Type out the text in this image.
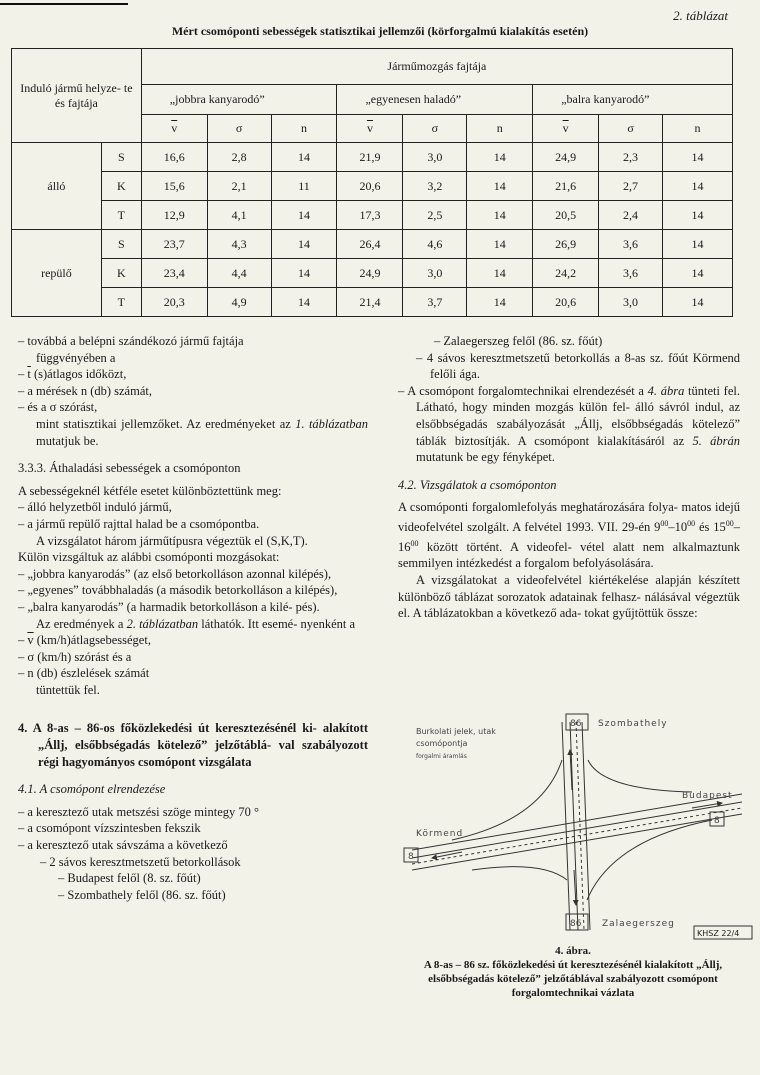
2. táblázat
Mért csomóponti sebességek statisztikai jellemzői (körforgalmú kialakítás esetén)
Induló jármű helyze- te és fajtája		Járműmozgás fajtája								
		„jobbra kanyarodó”			„egyenesen haladó”			„balra kanyarodó”		
		$\overline{v}$	σ	n	$\overline{v}$	σ	n	$\overline{v}$	σ	n
álló	S	16,6	2,8	14	21,9	3,0	14	24,9	2,3	14
	K	15,6	2,1	11	20,6	3,2	14	21,6	2,7	14
	T	12,9	4,1	14	17,3	2,5	14	20,5	2,4	14
repülő	S	23,7	4,3	14	26,4	4,6	14	26,9	3,6	14
	K	23,4	4,4	14	24,9	3,0	14	24,2	3,6	14
	T	20,3	4,9	14	21,4	3,7	14	20,6	3,0	14

– továbbá a belépni szándékozó jármű fajtája

függvényében a

– $\overline{t}$ (s)átlagos időközt,

– a mérések n (db) számát,

– és a σ szórást,

mint statisztikai jellemzőket. Az eredményeket az 1. táblázatban mutatjuk be.

3.3.3. Áthaladási sebességek a csomóponton

A sebességeknél kétféle esetet különböztettünk meg:

– álló helyzetből induló jármű,

– a jármű repülő rajttal halad be a csomópontba.

A vizsgálatot három járműtípusra végeztük el (S,K,T).

Külön vizsgáltuk az alábbi csomóponti mozgásokat:

– „jobbra kanyarodás” (az első betorkolláson azonnal kilépés),

– „egyenes” továbbhaladás (a második betorkolláson a kilépés),

– „balra kanyarodás” (a harmadik betorkolláson a kilé- pés).

Az eredmények a 2. táblázatban láthatók. Itt esemé- nyenként a

– $\overline{v}$ (km/h)átlagsebességet,

– σ (km/h) szórást és a

– n (db) észlelések számát

tüntettük fel.

4. A 8-as – 86-os főközlekedési út keresztezésénél ki- alakított „Állj, elsőbbségadás kötelező” jelzőtáblá- val szabályozott régi hagyományos csomópont vizsgálata

4.1. A csomópont elrendezése

– a keresztező utak metszési szöge mintegy 70 °

– a csomópont vízszintesben fekszik

– a keresztező utak sávszáma a következő

– 2 sávos keresztmetszetű betorkollások

– Budapest felől (8. sz. főút)

– Szombathely felől (86. sz. főút)

– Zalaegerszeg felől (86. sz. főút)

– 4 sávos keresztmetszetű betorkollás a 8-as sz. főút Körmend felőli ága.

– A csomópont forgalomtechnikai elrendezését a 4. ábra tünteti fel. Látható, hogy minden mozgás külön fel- álló sávról indul, az elsőbbségadás szabályozását „Állj, elsőbbségadás kötelező” táblák biztosítják. A csomópont kialakításáról az 5. ábrán mutatunk be egy fényképet.

4.2. Vizsgálatok a csomóponton

A csomóponti forgalomlefolyás meghatározására folya- matos idejű videofelvétel szolgált. A felvétel 1993. VII. 29-én $9^{00}-10^{00}$ és $15^{00}-16^{00}$ között történt. A videofel- vétel alatt nem alkalmaztunk semmilyen intézkedést a forgalom befolyásolására.

A vizsgálatokat a videofelvétel kiértékelése alapján készített különböző táblázat sorozatok adatainak felhasz- nálásával végeztük el. A táblázatokban a következő ada- tokat gyűjtöttük össze:

86 Szombathely
Burkolati jelek, utak
csomópontja
forgalmi áramlás
Budapest
Körmend
8
8
86 Zalaegerszeg
KHSZ 22/4
4. ábra.
A 8-as – 86 sz. főközlekedési út keresztezésénél kialakított „Állj, elsőbbségadás kötelező” jelzőtáblával szabályozott csomópont forgalomtechnikai vázlata
